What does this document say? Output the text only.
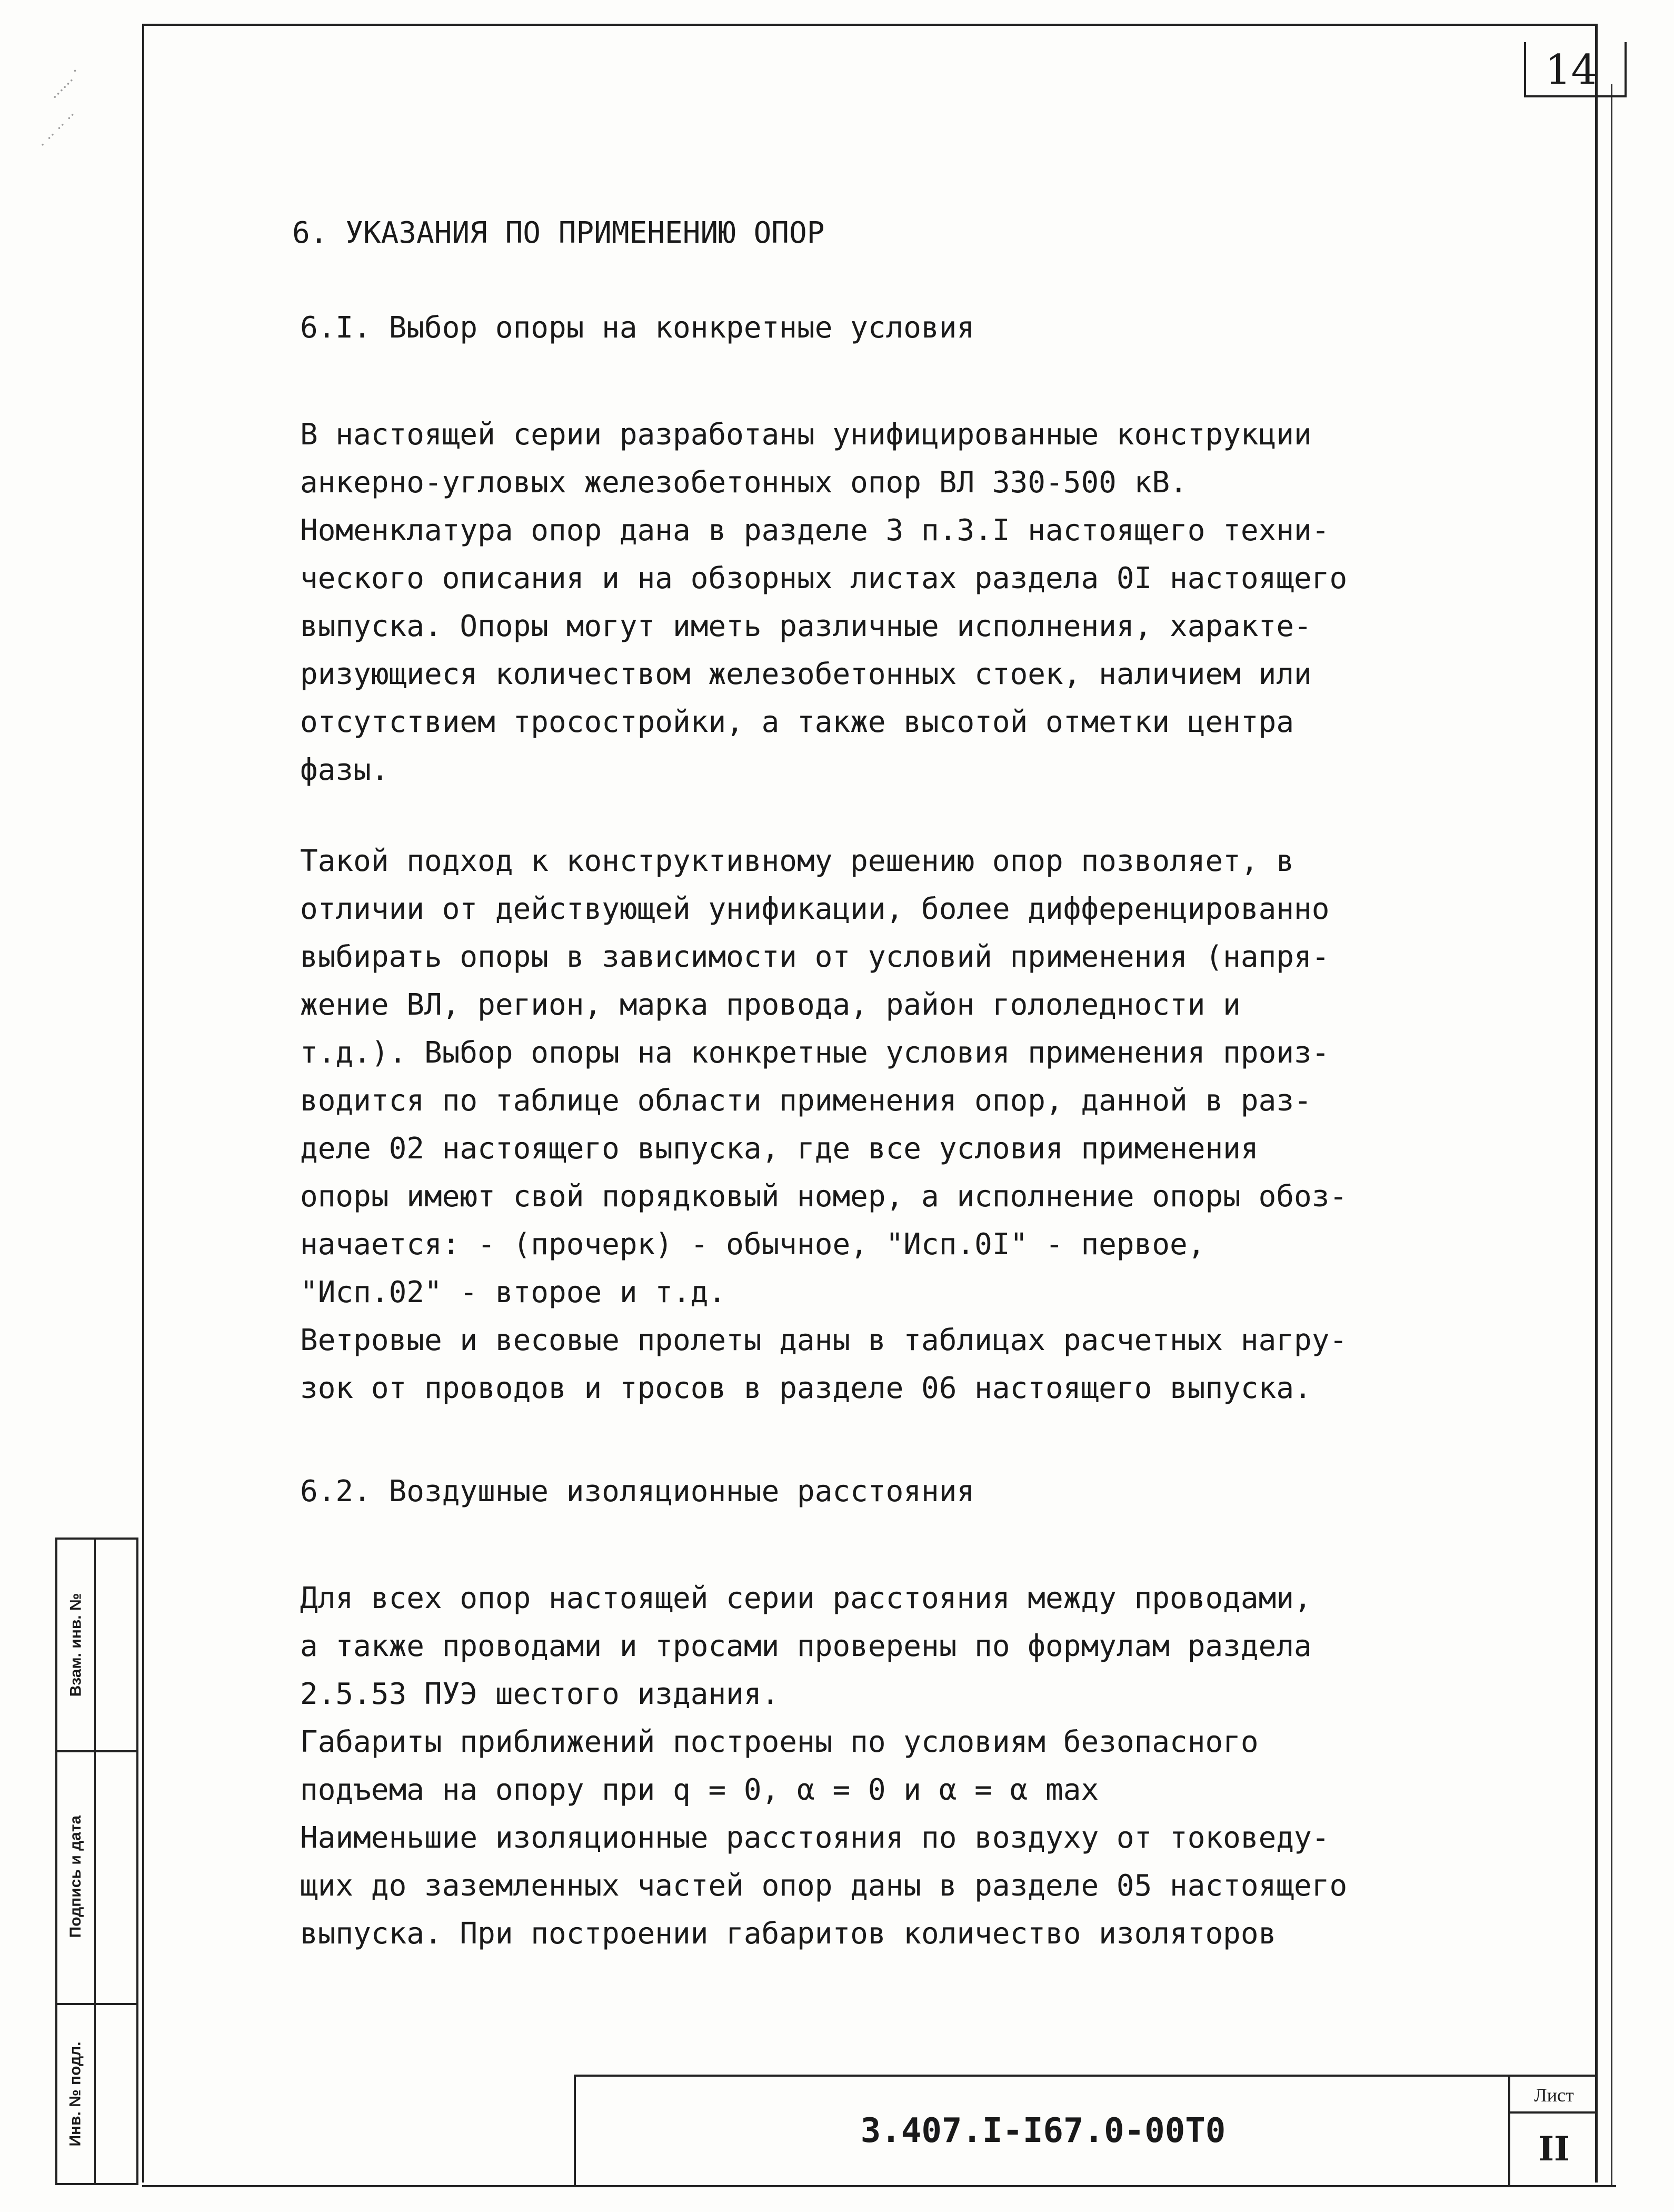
...... ·
· ·· ·· ··
14
6. УКАЗАНИЯ ПО ПРИМЕНЕНИЮ ОПОР
6.I. Выбор опоры на конкретные условия

В настоящей серии разработаны унифицированные конструкции
анкерно-угловых железобетонных опор ВЛ 330-500 кВ.
Номенклатура опор дана в разделе 3 п.3.I настоящего техни-
ческого описания и на обзорных листах раздела 0I настоящего
выпуска. Опоры могут иметь различные исполнения, характе-
ризующиеся количеством железобетонных стоек, наличием или
отсутствием тросостройки, а также высотой отметки центра
фазы.

Такой подход к конструктивному решению опор позволяет, в
отличии от действующей унификации, более дифференцированно
выбирать опоры в зависимости от условий применения (напря-
жение ВЛ, регион, марка провода, район гололедности и
т.д.). Выбор опоры на конкретные условия применения произ-
водится по таблице области применения опор, данной в раз-
деле 02 настоящего выпуска, где все условия применения
опоры имеют свой порядковый номер, а исполнение опоры обоз-
начается: - (прочерк) - обычное, "Исп.0I" - первое,
"Исп.02" - второе и т.д.
Ветровые и весовые пролеты даны в таблицах расчетных нагру-
зок от проводов и тросов в разделе 06 настоящего выпуска.

6.2. Воздушные изоляционные расстояния

Для всех опор настоящей серии расстояния между проводами,
а также проводами и тросами проверены по формулам раздела
2.5.53 ПУЭ шестого издания.
Габариты приближений построены по условиям безопасного
подъема на опору при q = 0, α = 0 и α = α max
Наименьшие изоляционные расстояния по воздуху от токоведу-
щих до заземленных частей опор даны в разделе 05 настоящего
выпуска. При построении габаритов количество изоляторов

Взам. инв. №
Подпись и дата
Инв. № подл.	3.407.I-I67.0-00Т0
Лист
II
